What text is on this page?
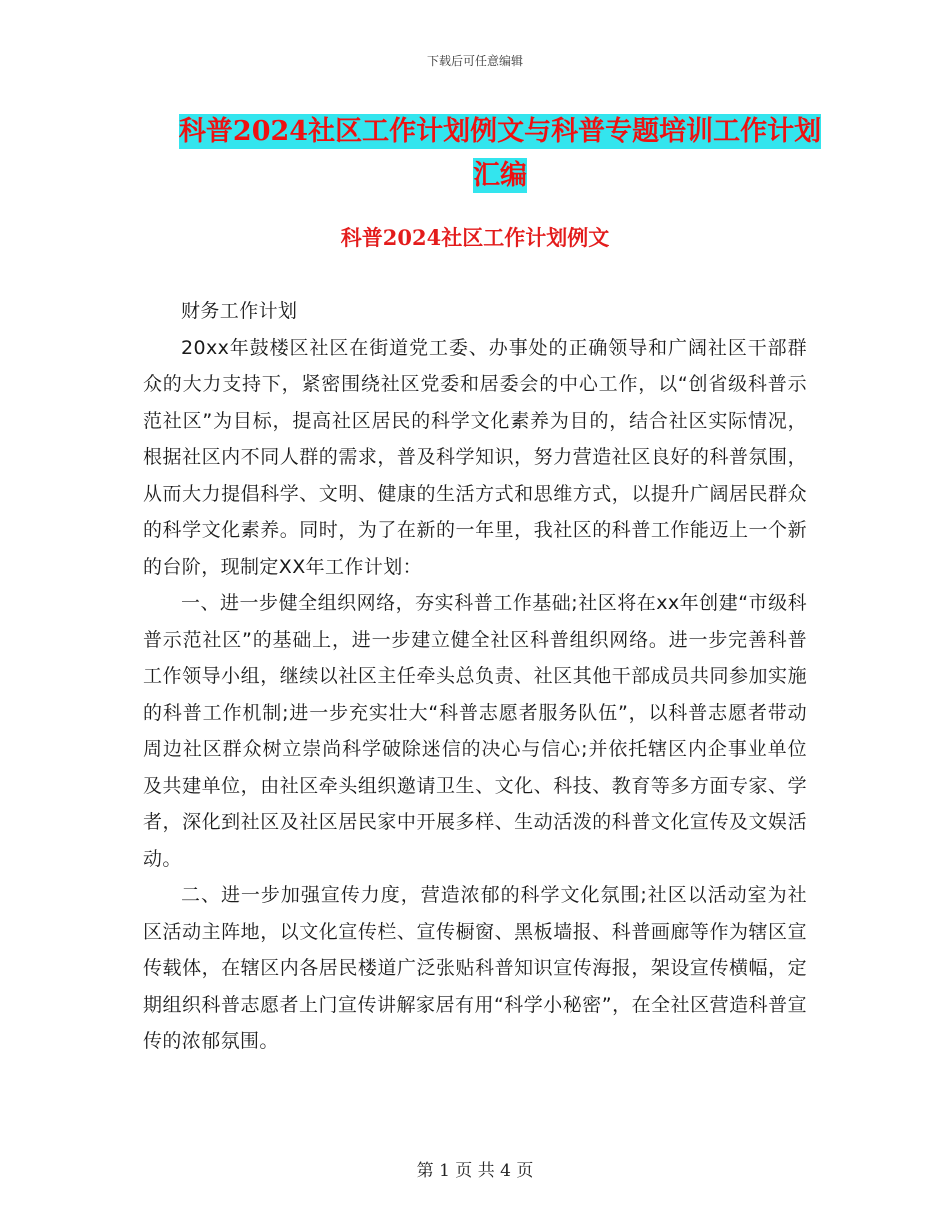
下载后可任意编辑
科普2024社区工作计划例文与科普专题培训工作计划
汇编
科普2024社区工作计划例文

财务工作计划

20xx年鼓楼区社区在街道党工委、办事处的正确领导和广阔社区干部群众的大力支持下，紧密围绕社区党委和居委会的中心工作，以“创省级科普示范社区”为目标，提高社区居民的科学文化素养为目的，结合社区实际情况，根据社区内不同人群的需求，普及科学知识，努力营造社区良好的科普氛围，从而大力提倡科学、文明、健康的生活方式和思维方式，以提升广阔居民群众的科学文化素养。同时，为了在新的一年里，我社区的科普工作能迈上一个新的台阶，现制定XX年工作计划：

一、进一步健全组织网络，夯实科普工作基础;社区将在xx年创建“市级科普示范社区”的基础上，进一步建立健全社区科普组织网络。进一步完善科普工作领导小组，继续以社区主任牵头总负责、社区其他干部成员共同参加实施的科普工作机制;进一步充实壮大“科普志愿者服务队伍”，以科普志愿者带动周边社区群众树立崇尚科学破除迷信的决心与信心;并依托辖区内企事业单位及共建单位，由社区牵头组织邀请卫生、文化、科技、教育等多方面专家、学者，深化到社区及社区居民家中开展多样、生动活泼的科普文化宣传及文娱活动。

二、进一步加强宣传力度，营造浓郁的科学文化氛围;社区以活动室为社区活动主阵地，以文化宣传栏、宣传橱窗、黑板墙报、科普画廊等作为辖区宣传载体，在辖区内各居民楼道广泛张贴科普知识宣传海报，架设宣传横幅，定期组织科普志愿者上门宣传讲解家居有用“科学小秘密”，在全社区营造科普宣传的浓郁氛围。

第 1 页 共 4 页
